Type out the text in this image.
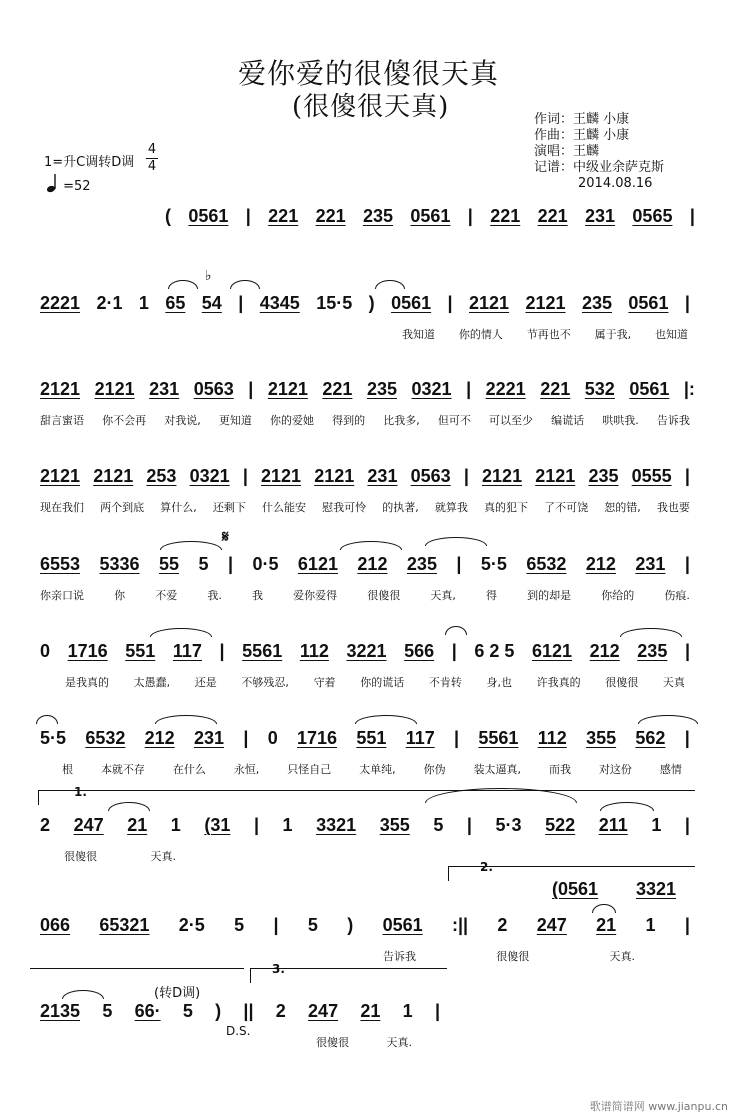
爱你爱的很傻很天真
(很傻很天真)	作词：王麟 小康
作曲：王麟 小康
演唱：王麟
记谱：中级业余萨克斯
2014.08.16
1=升C调转D调
4
4
$^{=52}$
( 0561 | 221 221 235 0561 | 221 221 231 0565 |
♭
2221 2·1 1 65 54 | 4345 15·5 ) 0561 | 2121 2121 235 0561 |
我知道 你的情人 节再也不 属于我, 也知道
2121 2121 231 0563 | 2121 221 235 0321 | 2221 221 532 0561 |:
甜言蜜语 你不会再 对我说, 更知道 你的爱她 得到的 比我多, 但可不 可以至少 编谎话 哄哄我. 告诉我
2121 2121 253 0321 | 2121 2121 231 0563 | 2121 2121 235 0555 |
现在我们 两个到底 算什么, 还剩下 什么能安 慰我可怜 的执著, 就算我 真的犯下 了不可饶 恕的错, 我也要
𝄋
6553 5336 55 5 | 0·5 6121 212 235 | 5·5 6532 212 231 |
你亲口说	你	不爱	我.	我	爱你爱得	很傻很	天真,	得	到的却是	你给的	伤痕.
0 1716 551 117 | 5561 112 3221 566 | 6 2 5 6121 212 235 |
是我真的 太愚蠢, 还是 不够残忍, 守着 你的谎话 不肯转 身,也 许我真的 很傻很 天真
5·5 6532 212 231 | 0 1716 551 117 | 5561 112 355 562 |
根	本就不存	在什么	永恒,	只怪自己	太单纯,	你伪	装太逼真,	而我	对这份	感情
1.
2 247 21 1 (31 | 1 3321 355 5 | 5·3 522 211 1 |
很傻很	天真.
2.
(0561 3321
066 65321 2·5 5 | 5 ) 0561 :|| 2 247 21 1 |
告诉我	很傻很	天真.
3.
(转D调)
2135 5 66· 5 ) || 2 247 21 1 |
D.S.
很傻很	天真.
歌谱简谱网 www.jianpu.cn
